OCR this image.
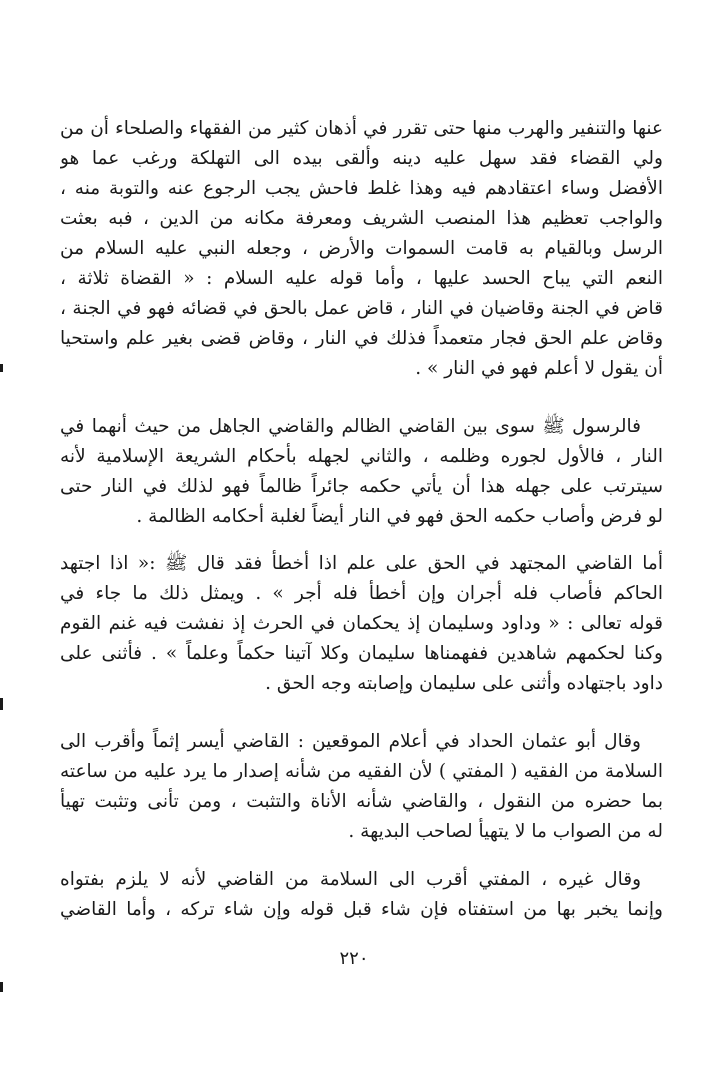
عنها والتنفير والهرب منها حتى تقرر في أذهان كثير من الفقهاء والصلحاء أن من
ولي القضاء فقد سهل عليه دينه وألقى بيده الى التهلكة ورغب عما هو
الأفضل وساء اعتقادهم فيه وهذا غلط فاحش يجب الرجوع عنه والتوبة منه ،
والواجب تعظيم هذا المنصب الشريف ومعرفة مكانه من الدين ، فبه بعثت
الرسل وبالقيام به قامت السموات والأرض ، وجعله النبي عليه السلام من
النعم التي يباح الحسد عليها ، وأما قوله عليه السلام : « القضاة ثلاثة ،
قاض في الجنة وقاضيان في النار ، قاض عمل بالحق في قضائه فهو في الجنة ،
وقاض علم الحق فجار متعمداً فذلك في النار ، وقاض قضى بغير علم واستحيا
أن يقول لا أعلم فهو في النار » .
فالرسول ﷺ سوى بين القاضي الظالم والقاضي الجاهل من حيث أنهما في
النار ، فالأول لجوره وظلمه ، والثاني لجهله بأحكام الشريعة الإسلامية لأنه
سيترتب على جهله هذا أن يأتي حكمه جائراً ظالماً فهو لذلك في النار حتى
لو فرض وأصاب حكمه الحق فهو في النار أيضاً لغلبة أحكامه الظالمة .
أما القاضي المجتهد في الحق على علم اذا أخطأ فقد قال ﷺ :« اذا اجتهد
الحاكم فأصاب فله أجران وإن أخطأ فله أجر » . ويمثل ذلك ما جاء في
قوله تعالى : « وداود وسليمان إذ يحكمان في الحرث إذ نفشت فيه غنم القوم
وكنا لحكمهم شاهدين ففهمناها سليمان وكلا آتينا حكماً وعلماً » . فأثنى على
داود باجتهاده وأثنى على سليمان وإصابته وجه الحق .
وقال أبو عثمان الحداد في أعلام الموقعين : القاضي أيسر إثماً وأقرب الى
السلامة من الفقيه ( المفتي ) لأن الفقيه من شأنه إصدار ما يرد عليه من ساعته
بما حضره من النقول ، والقاضي شأنه الأناة والتثبت ، ومن تأنى وتثبت تهيأ
له من الصواب ما لا يتهيأ لصاحب البديهة .
وقال غيره ، المفتي أقرب الى السلامة من القاضي لأنه لا يلزم بفتواه
وإنما يخبر بها من استفتاه فإن شاء قبل قوله وإن شاء تركه ، وأما القاضي
٢٢٠
